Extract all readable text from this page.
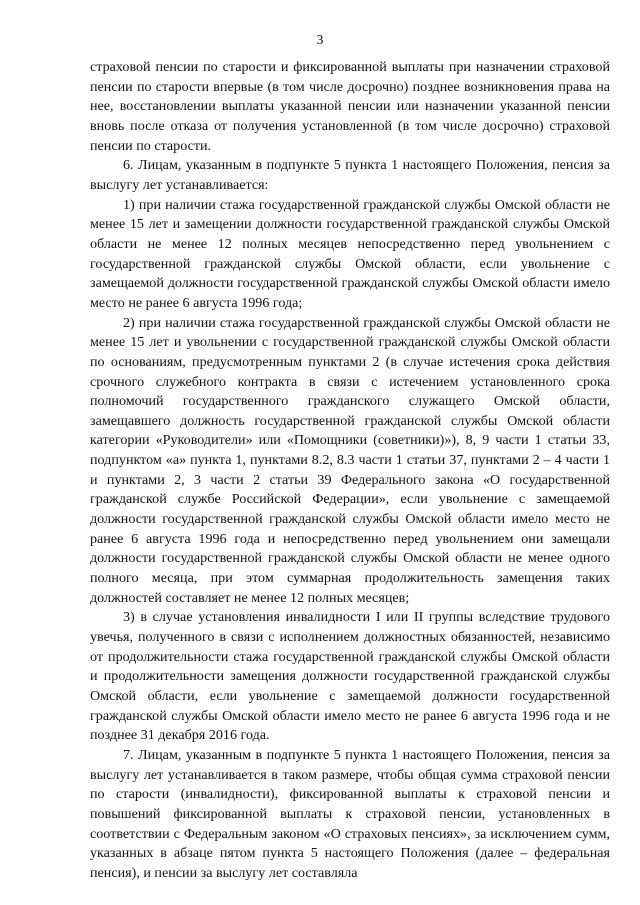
3

страховой пенсии по старости и фиксированной выплаты при назначении страховой пенсии по старости впервые (в том числе досрочно) позднее возникновения права на нее, восстановлении выплаты указанной пенсии или назначении указанной пенсии вновь после отказа от получения установленной (в том числе досрочно) страховой пенсии по старости.

6. Лицам, указанным в подпункте 5 пункта 1 настоящего Положения, пенсия за выслугу лет устанавливается:

1) при наличии стажа государственной гражданской службы Омской области не менее 15 лет и замещении должности государственной гражданской службы Омской области не менее 12 полных месяцев непосредственно перед увольнением с государственной гражданской службы Омской области, если увольнение с замещаемой должности государственной гражданской службы Омской области имело место не ранее 6 августа 1996 года;

2) при наличии стажа государственной гражданской службы Омской области не менее 15 лет и увольнении с государственной гражданской службы Омской области по основаниям, предусмотренным пунктами 2 (в случае истечения срока действия срочного служебного контракта в связи с истечением установленного срока полномочий государственного гражданского служащего Омской области, замещавшего должность государственной гражданской службы Омской области категории «Руководители» или «Помощники (советники)»), 8, 9 части 1 статьи 33, подпунктом «а» пункта 1, пунктами 8.2, 8.3 части 1 статьи 37, пунктами 2 – 4 части 1 и пунктами 2, 3 части 2 статьи 39 Федерального закона «О государственной гражданской службе Российской Федерации», если увольнение с замещаемой должности государственной гражданской службы Омской области имело место не ранее 6 августа 1996 года и непосредственно перед увольнением они замещали должности государственной гражданской службы Омской области не менее одного полного месяца, при этом суммарная продолжительность замещения таких должностей составляет не менее 12 полных месяцев;

3) в случае установления инвалидности I или II группы вследствие трудового увечья, полученного в связи с исполнением должностных обязанностей, независимо от продолжительности стажа государственной гражданской службы Омской области и продолжительности замещения должности государственной гражданской службы Омской области, если увольнение с замещаемой должности государственной гражданской службы Омской области имело место не ранее 6 августа 1996 года и не позднее 31 декабря 2016 года.

7. Лицам, указанным в подпункте 5 пункта 1 настоящего Положения, пенсия за выслугу лет устанавливается в таком размере, чтобы общая сумма страховой пенсии по старости (инвалидности), фиксированной выплаты к страховой пенсии и повышений фиксированной выплаты к страховой пенсии, установленных в соответствии с Федеральным законом «О страховых пенсиях», за исключением сумм, указанных в абзаце пятом пункта 5 настоящего Положения (далее – федеральная пенсия), и пенсии за выслугу лет составляла
